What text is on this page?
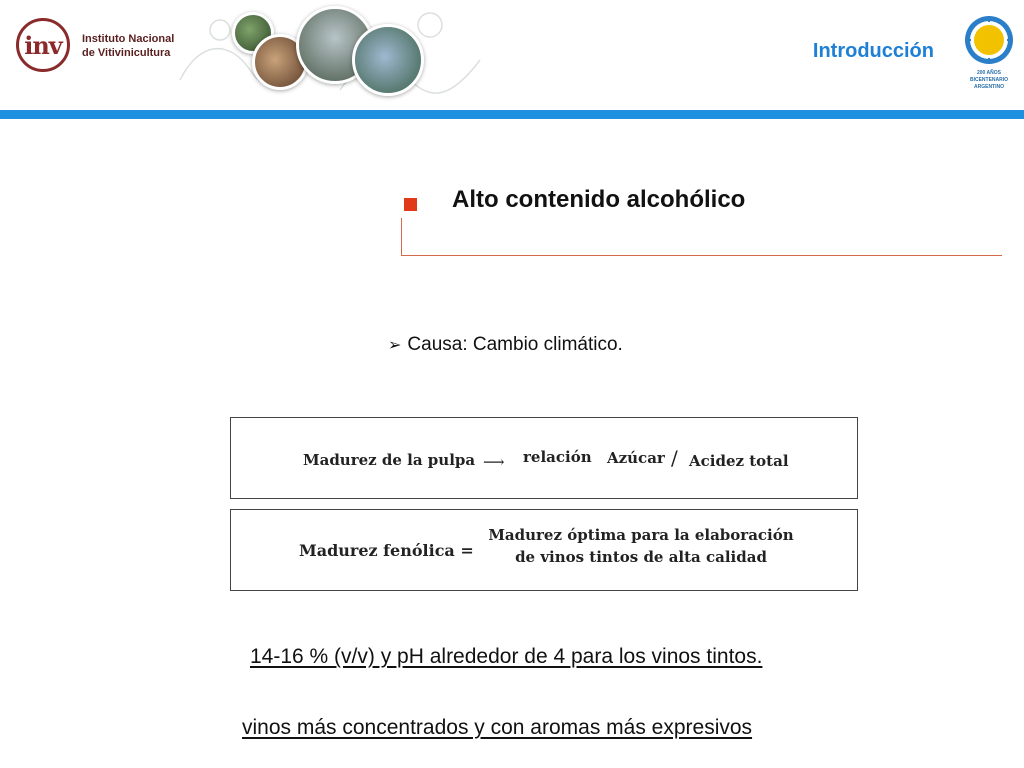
inv	Instituto Nacional
de Vitivinicultura	Introducción
200 AÑOS
BICENTENARIO
ARGENTINO
Alto contenido alcohólico
➢ Causa: Cambio climático.
Madurez de la pulpa ⟶ relación Azúcar / Acidez total
Madurez fenólica =
Madurez óptima para la elaboración
de vinos tintos de alta calidad
14-16 % (v/v) y pH alrededor de 4 para los vinos tintos.
vinos más concentrados y con aromas más expresivos
